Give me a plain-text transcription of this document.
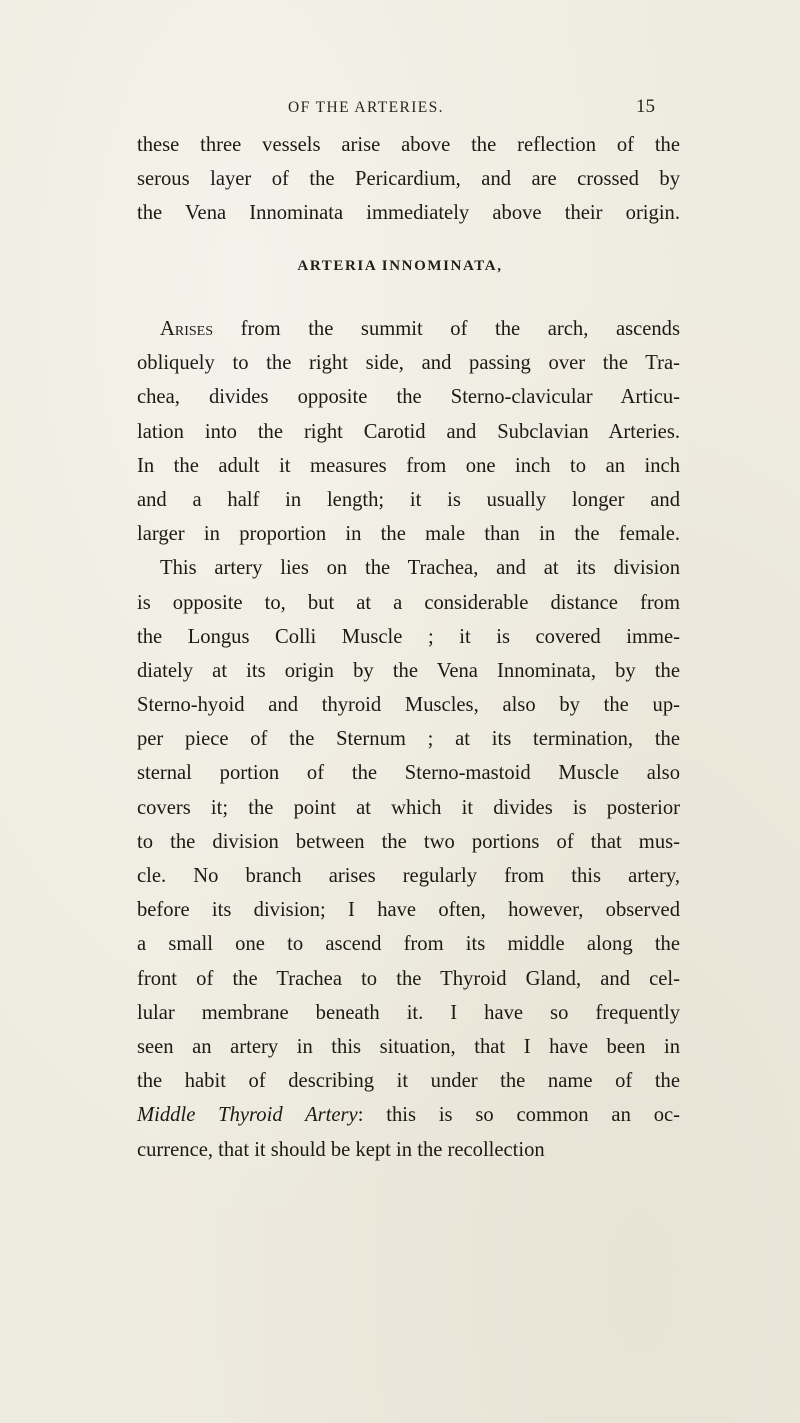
OF THE ARTERIES.	15
these three vessels arise above the reflection of the
serous layer of the Pericardium, and are crossed by
the Vena Innominata immediately above their origin.
ARTERIA INNOMINATA,
Arises from the summit of the arch, ascends
obliquely to the right side, and passing over the Tra-
chea, divides opposite the Sterno-clavicular Articu-
lation into the right Carotid and Subclavian Arteries.
In the adult it measures from one inch to an inch
and a half in length; it is usually longer and
larger in proportion in the male than in the female.
This artery lies on the Trachea, and at its division
is opposite to, but at a considerable distance from
the Longus Colli Muscle ; it is covered imme-
diately at its origin by the Vena Innominata, by the
Sterno-hyoid and thyroid Muscles, also by the up-
per piece of the Sternum ; at its termination, the
sternal portion of the Sterno-mastoid Muscle also
covers it; the point at which it divides is posterior
to the division between the two portions of that mus-
cle. No branch arises regularly from this artery,
before its division; I have often, however, observed
a small one to ascend from its middle along the
front of the Trachea to the Thyroid Gland, and cel-
lular membrane beneath it. I have so frequently
seen an artery in this situation, that I have been in
the habit of describing it under the name of the
Middle Thyroid Artery: this is so common an oc-
currence, that it should be kept in the recollection
